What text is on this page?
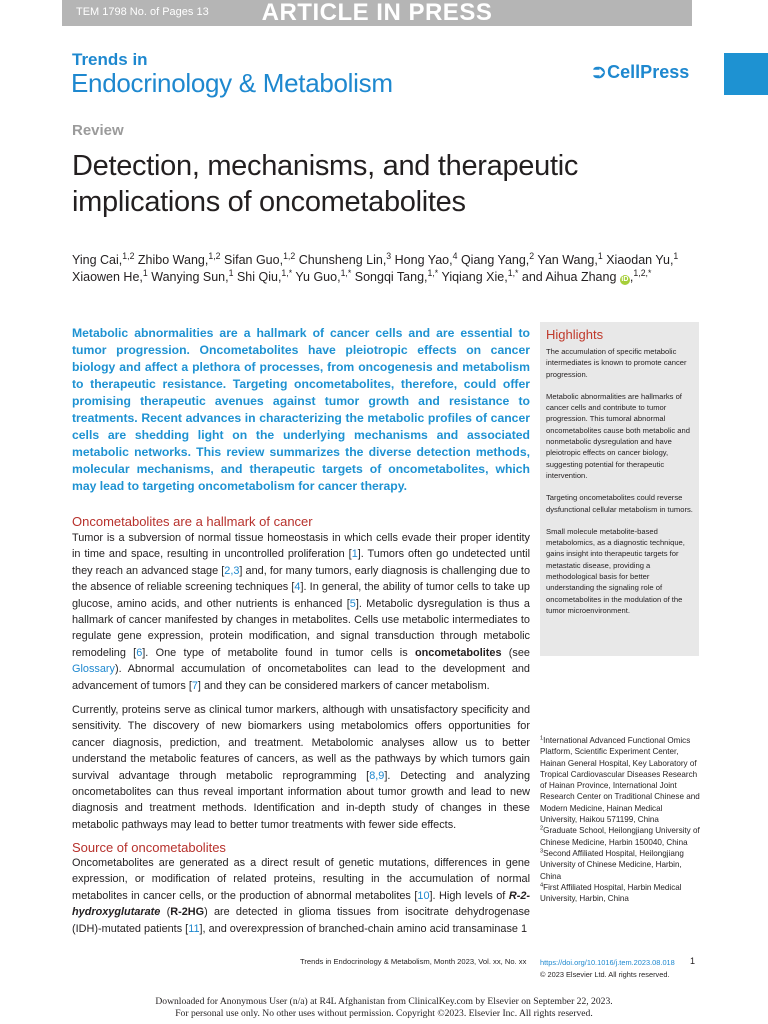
TEM 1798 No. of Pages 13	ARTICLE IN PRESS
Trends in
Endocrinology & Metabolism	⮊ CellPress
Review
Detection, mechanisms, and therapeutic implications of oncometabolites
Ying Cai,$^{1,2}$ Zhibo Wang,$^{1,2}$ Sifan Guo,$^{1,2}$ Chunsheng Lin,$^3$ Hong Yao,$^4$ Qiang Yang,$^2$ Yan Wang,$^1$ Xiaodan Yu,$^1$ Xiaowen He,$^1$ Wanying Sun,$^1$ Shi Qiu,$^{1,*}$ Yu Guo,$^{1,*}$ Songqi Tang,$^{1,*}$ Yiqiang Xie,$^{1,*}$ and Aihua Zhang iD ,$^{1,2,*}$

Metabolic abnormalities are a hallmark of cancer cells and are essential to tumor progression. Oncometabolites have pleiotropic effects on cancer biology and affect a plethora of processes, from oncogenesis and metabolism to therapeutic resistance. Targeting oncometabolites, therefore, could offer promising therapeutic avenues against tumor growth and resistance to treatments. Recent advances in characterizing the metabolic profiles of cancer cells are shedding light on the underlying mechanisms and associated metabolic networks. This review summarizes the diverse detection methods, molecular mechanisms, and therapeutic targets of oncometabolites, which may lead to targeting oncometabolism for cancer therapy.

Highlights

The accumulation of specific metabolic intermediates is known to promote cancer progression.

Metabolic abnormalities are hallmarks of cancer cells and contribute to tumor progression. This tumoral abnormal oncometabolites cause both metabolic and nonmetabolic dysregulation and have pleiotropic effects on cancer biology, suggesting potential for therapeutic intervention.

Targeting oncometabolites could reverse dysfunctional cellular metabolism in tumors.

Small molecule metabolite-based metabolomics, as a diagnostic technique, gains insight into therapeutic targets for metastatic disease, providing a methodological basis for better understanding the signaling role of oncometabolites in the modulation of the tumor microenvironment.

Oncometabolites are a hallmark of cancer

Tumor is a subversion of normal tissue homeostasis in which cells evade their proper identity in time and space, resulting in uncontrolled proliferation [1]. Tumors often go undetected until they reach an advanced stage [2,3] and, for many tumors, early diagnosis is challenging due to the absence of reliable screening techniques [4]. In general, the ability of tumor cells to take up glucose, amino acids, and other nutrients is enhanced [5]. Metabolic dysregulation is thus a hallmark of cancer manifested by changes in metabolites. Cells use metabolic intermediates to regulate gene expression, protein modification, and signal transduction through metabolic remodeling [6]. One type of metabolite found in tumor cells is oncometabolites (see Glossary). Abnormal accumulation of oncometabolites can lead to the development and advancement of tumors [7] and they can be considered markers of cancer metabolism.

Currently, proteins serve as clinical tumor markers, although with unsatisfactory specificity and sensitivity. The discovery of new biomarkers using metabolomics offers opportunities for cancer diagnosis, prediction, and treatment. Metabolomic analyses allow us to better understand the metabolic features of cancers, as well as the pathways by which tumors gain survival advantage through metabolic reprogramming [8,9]. Detecting and analyzing oncometabolites can thus reveal important information about tumor growth and lead to new diagnosis and treatment methods. Identification and in-depth study of changes in these metabolic pathways may lead to better tumor treatments with fewer side effects.

Source of oncometabolites

Oncometabolites are generated as a direct result of genetic mutations, differences in gene expression, or modification of related proteins, resulting in the accumulation of normal metabolites in cancer cells, or the production of abnormal metabolites [10]. High levels of R-2-hydroxyglutarate (R-2HG) are detected in glioma tissues from isocitrate dehydrogenase (IDH)-mutated patients [11], and overexpression of branched-chain amino acid transaminase 1

$^1$International Advanced Functional Omics Platform, Scientific Experiment Center, Hainan General Hospital, Key Laboratory of Tropical Cardiovascular Diseases Research of Hainan Province, International Joint Research Center on Traditional Chinese and Modern Medicine, Hainan Medical University, Haikou 571199, China
$^2$Graduate School, Heilongjiang University of Chinese Medicine, Harbin 150040, China
$^3$Second Affiliated Hospital, Heilongjiang University of Chinese Medicine, Harbin, China
$^4$First Affiliated Hospital, Harbin Medical University, Harbin, China
Trends in Endocrinology & Metabolism, Month 2023, Vol. xx, No. xx https://doi.org/10.1016/j.tem.2023.08.018 1
© 2023 Elsevier Ltd. All rights reserved.
Downloaded for Anonymous User (n/a) at R4L Afghanistan from ClinicalKey.com by Elsevier on September 22, 2023.
For personal use only. No other uses without permission. Copyright ©2023. Elsevier Inc. All rights reserved.
